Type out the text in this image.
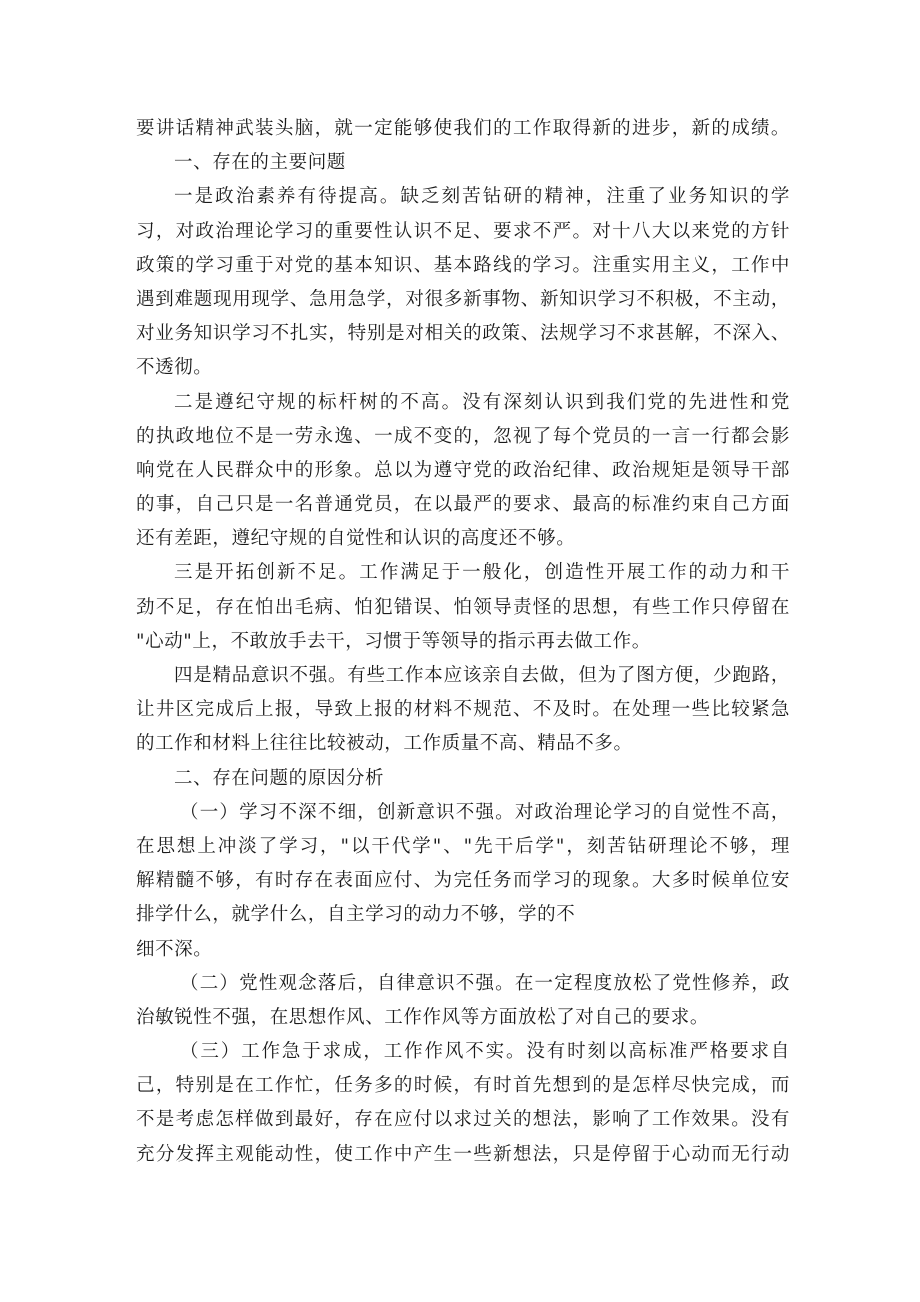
要讲话精神武装头脑，就一定能够使我们的工作取得新的进步，新的成绩。
一、存在的主要问题
一是政治素养有待提高。缺乏刻苦钻研的精神，注重了业务知识的学
习，对政治理论学习的重要性认识不足、要求不严。对十八大以来党的方针
政策的学习重于对党的基本知识、基本路线的学习。注重实用主义，工作中
遇到难题现用现学、急用急学，对很多新事物、新知识学习不积极，不主动，
对业务知识学习不扎实，特别是对相关的政策、法规学习不求甚解，不深入、
不透彻。
二是遵纪守规的标杆树的不高。没有深刻认识到我们党的先进性和党
的执政地位不是一劳永逸、一成不变的，忽视了每个党员的一言一行都会影
响党在人民群众中的形象。总以为遵守党的政治纪律、政治规矩是领导干部
的事，自己只是一名普通党员，在以最严的要求、最高的标准约束自己方面
还有差距，遵纪守规的自觉性和认识的高度还不够。
三是开拓创新不足。工作满足于一般化，创造性开展工作的动力和干
劲不足，存在怕出毛病、怕犯错误、怕领导责怪的思想，有些工作只停留在
"心动"上，不敢放手去干，习惯于等领导的指示再去做工作。
四是精品意识不强。有些工作本应该亲自去做，但为了图方便，少跑路，
让井区完成后上报，导致上报的材料不规范、不及时。在处理一些比较紧急
的工作和材料上往往比较被动，工作质量不高、精品不多。
二、存在问题的原因分析
（一）学习不深不细，创新意识不强。对政治理论学习的自觉性不高，
在思想上冲淡了学习，"以干代学"、"先干后学"，刻苦钻研理论不够，理
解精髓不够，有时存在表面应付、为完任务而学习的现象。大多时候单位安
排学什么，就学什么，自主学习的动力不够，学的不
细不深。
（二）党性观念落后，自律意识不强。在一定程度放松了党性修养，政
治敏锐性不强，在思想作风、工作作风等方面放松了对自己的要求。
（三）工作急于求成，工作作风不实。没有时刻以高标准严格要求自
己，特别是在工作忙，任务多的时候，有时首先想到的是怎样尽快完成，而
不是考虑怎样做到最好，存在应付以求过关的想法，影响了工作效果。没有
充分发挥主观能动性，使工作中产生一些新想法，只是停留于心动而无行动
